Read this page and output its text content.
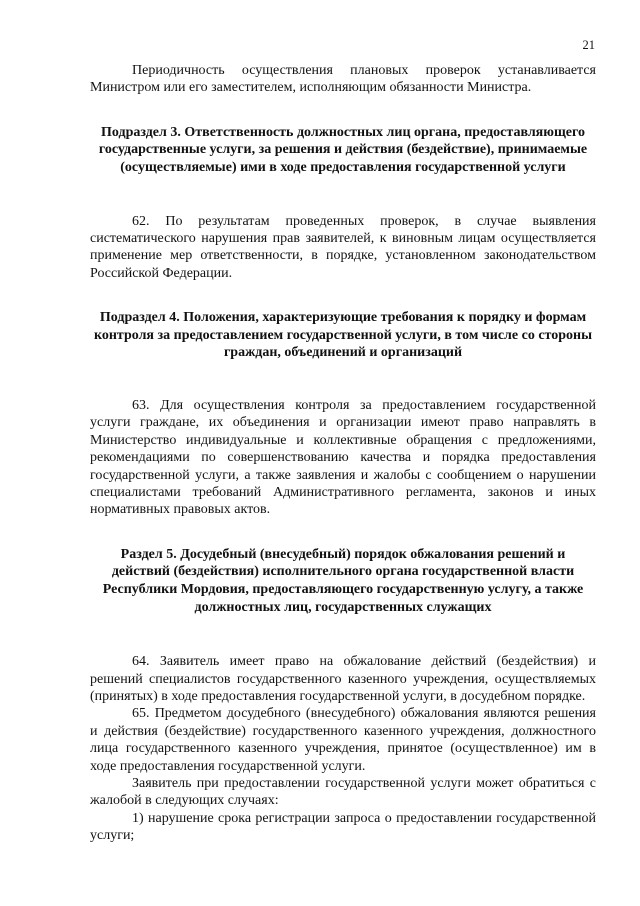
21

Периодичность осуществления плановых проверок устанавливается Министром или его заместителем, исполняющим обязанности Министра.

Подраздел 3. Ответственность должностных лиц органа, предоставляющего государственные услуги, за решения и действия (бездействие), принимаемые (осуществляемые) ими в ходе предоставления государственной услуги

62. По результатам проведенных проверок, в случае выявления систематического нарушения прав заявителей, к виновным лицам осуществляется применение мер ответственности, в порядке, установленном законодательством Российской Федерации.

Подраздел 4. Положения, характеризующие требования к порядку и формам контроля за предоставлением государственной услуги, в том числе со стороны граждан, объединений и организаций

63. Для осуществления контроля за предоставлением государственной услуги граждане, их объединения и организации имеют право направлять в Министерство индивидуальные и коллективные обращения с предложениями, рекомендациями по совершенствованию качества и порядка предоставления государственной услуги, а также заявления и жалобы с сообщением о нарушении специалистами требований Административного регламента, законов и иных нормативных правовых актов.

Раздел 5. Досудебный (внесудебный) порядок обжалования решений и действий (бездействия) исполнительного органа государственной власти Республики Мордовия, предоставляющего государственную услугу, а также должностных лиц, государственных служащих

64. Заявитель имеет право на обжалование действий (бездействия) и решений специалистов государственного казенного учреждения, осуществляемых (принятых) в ходе предоставления государственной услуги, в досудебном порядке.

65. Предметом досудебного (внесудебного) обжалования являются решения и действия (бездействие) государственного казенного учреждения, должностного лица государственного казенного учреждения, принятое (осуществленное) им в ходе предоставления государственной услуги.

Заявитель при предоставлении государственной услуги может обратиться с жалобой в следующих случаях:

1) нарушение срока регистрации запроса о предоставлении государственной услуги;
